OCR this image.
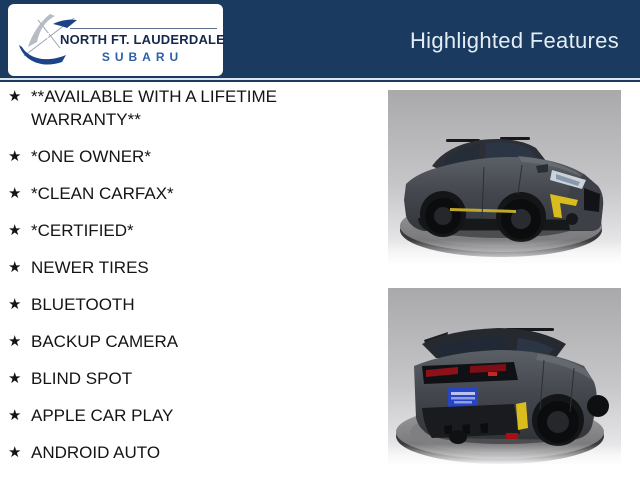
NORTH FT. LAUDERDALE
SUBARU
Highlighted Features
★ **AVAILABLE WITH A LIFETIME WARRANTY**
★ *ONE OWNER*
★ *CLEAN CARFAX*
★ *CERTIFIED*
★ NEWER TIRES
★ BLUETOOTH
★ BACKUP CAMERA
★ BLIND SPOT
★ APPLE CAR PLAY
★ ANDROID AUTO
